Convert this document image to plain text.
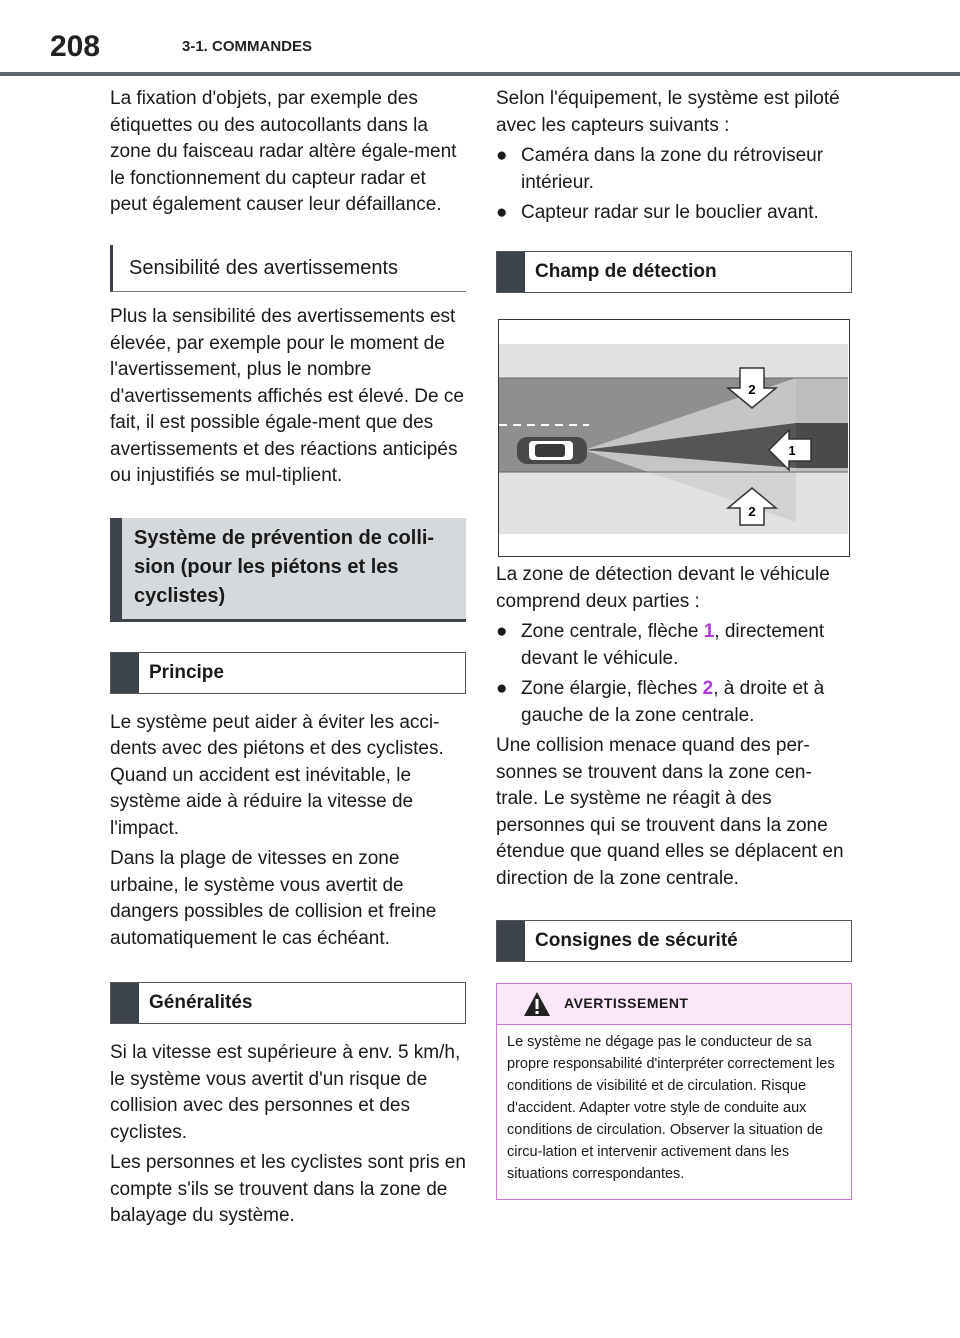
208	3-1. COMMANDES

La fixation d'objets, par exemple des étiquettes ou des autocollants dans la zone du faisceau radar altère égale-ment le fonctionnement du capteur radar et peut également causer leur défaillance.

Sensibilité des avertissements

Plus la sensibilité des avertissements est élevée, par exemple pour le moment de l'avertissement, plus le nombre d'avertissements affichés est élevé. De ce fait, il est possible égale-ment que des avertissements et des réactions anticipés ou injustifiés se mul-tiplient.

Système de prévention de colli-sion (pour les piétons et les cyclistes)
Principe

Le système peut aider à éviter les acci-dents avec des piétons et des cyclistes. Quand un accident est inévitable, le système aide à réduire la vitesse de l'impact.

Dans la plage de vitesses en zone urbaine, le système vous avertit de dangers possibles de collision et freine automatiquement le cas échéant.

Généralités

Si la vitesse est supérieure à env. 5 km/h, le système vous avertit d'un risque de collision avec des personnes et des cyclistes.

Les personnes et les cyclistes sont pris en compte s'ils se trouvent dans la zone de balayage du système.

Selon l'équipement, le système est piloté avec les capteurs suivants :

● Caméra dans la zone du rétroviseur intérieur.
● Capteur radar sur le bouclier avant.
Champ de détection
2
1
2

La zone de détection devant le véhicule comprend deux parties :

● Zone centrale, flèche 1, directement devant le véhicule.
● Zone élargie, flèches 2, à droite et à gauche de la zone centrale.

Une collision menace quand des per-sonnes se trouvent dans la zone cen-trale. Le système ne réagit à des personnes qui se trouvent dans la zone étendue que quand elles se déplacent en direction de la zone centrale.

Consignes de sécurité
AVERTISSEMENT
Le système ne dégage pas le conducteur de sa propre responsabilité d'interpréter correctement les conditions de visibilité et de circulation. Risque d'accident. Adapter votre style de conduite aux conditions de circulation. Observer la situation de circu-lation et intervenir activement dans les situations correspondantes.
